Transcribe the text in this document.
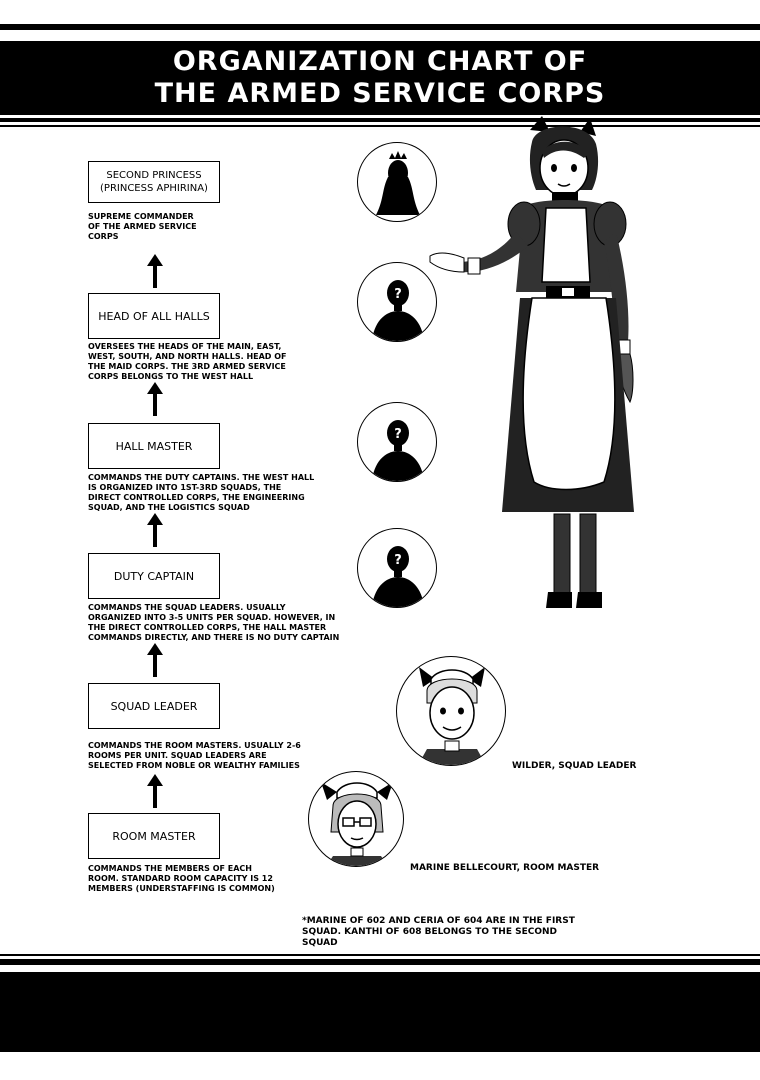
ORGANIZATION CHART OF
THE ARMED SERVICE CORPS
SECOND PRINCESS
(PRINCESS APHIRINA)
SUPREME COMMANDER
OF THE ARMED SERVICE
CORPS
HEAD OF ALL HALLS
OVERSEES THE HEADS OF THE MAIN, EAST,
WEST, SOUTH, AND NORTH HALLS. HEAD OF
THE MAID CORPS. THE 3RD ARMED SERVICE
CORPS BELONGS TO THE WEST HALL
HALL MASTER
COMMANDS THE DUTY CAPTAINS. THE WEST HALL
IS ORGANIZED INTO 1ST-3RD SQUADS, THE
DIRECT CONTROLLED CORPS, THE ENGINEERING
SQUAD, AND THE LOGISTICS SQUAD
DUTY CAPTAIN
COMMANDS THE SQUAD LEADERS. USUALLY
ORGANIZED INTO 3-5 UNITS PER SQUAD. HOWEVER, IN
THE DIRECT CONTROLLED CORPS, THE HALL MASTER
COMMANDS DIRECTLY, AND THERE IS NO DUTY CAPTAIN
SQUAD LEADER
COMMANDS THE ROOM MASTERS. USUALLY 2-6
ROOMS PER UNIT. SQUAD LEADERS ARE
SELECTED FROM NOBLE OR WEALTHY FAMILIES
ROOM MASTER
COMMANDS THE MEMBERS OF EACH
ROOM. STANDARD ROOM CAPACITY IS 12
MEMBERS (UNDERSTAFFING IS COMMON)
?
?
?
WILDER, SQUAD LEADER
MARINE BELLECOURT, ROOM MASTER
*MARINE OF 602 AND CERIA OF 604 ARE IN THE FIRST
SQUAD. KANTHI OF 608 BELONGS TO THE SECOND
SQUAD
